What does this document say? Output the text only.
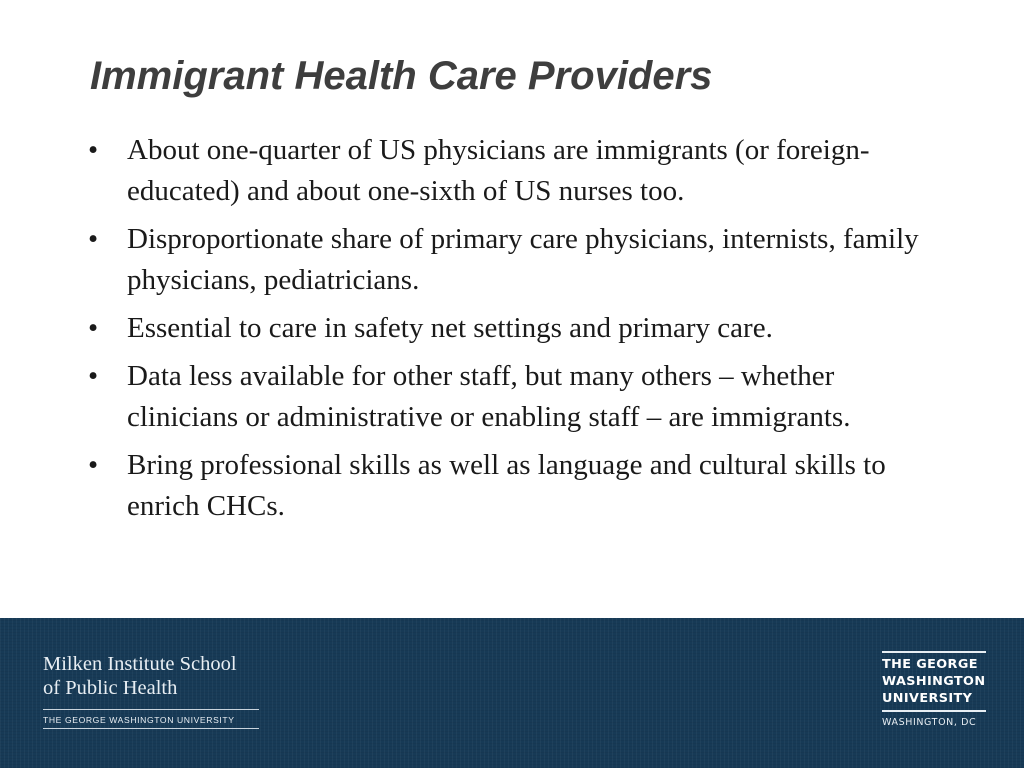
Immigrant Health Care Providers
• About one-quarter of US physicians are immigrants (or foreign-educated) and about one-sixth of US nurses too.
• Disproportionate share of primary care physicians, internists, family physicians, pediatricians.
• Essential to care in safety net settings and primary care.
• Data less available for other staff, but many others – whether clinicians or administrative or enabling staff – are immigrants.
• Bring professional skills as well as language and cultural skills to enrich CHCs.
Milken Institute School
of Public Health
THE GEORGE WASHINGTON UNIVERSITY
THE GEORGE
WASHINGTON
UNIVERSITY
WASHINGTON, DC
